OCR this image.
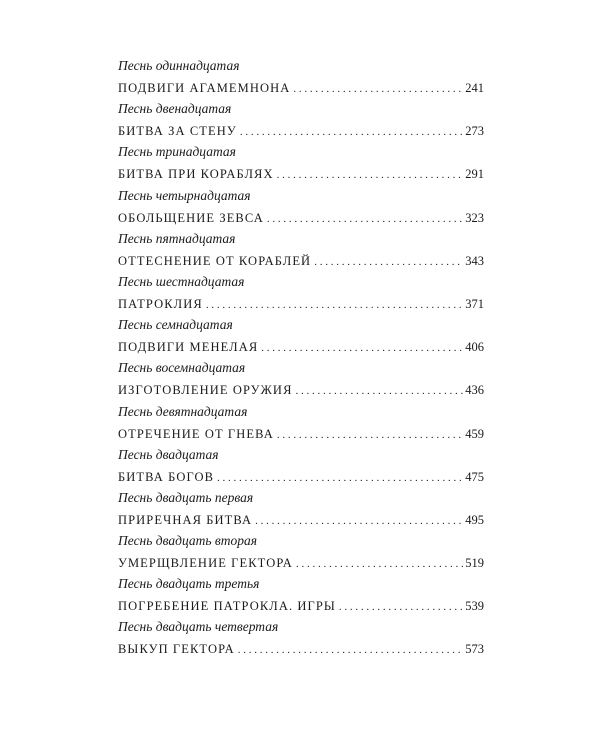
Песнь одиннадцатая
ПОДВИГИ АГАМЕМНОНА . . .	241
Песнь двенадцатая
БИТВА ЗА СТЕНУ . . .	273
Песнь тринадцатая
БИТВА ПРИ КОРАБЛЯХ . . .	291
Песнь четырнадцатая
ОБОЛЬЩЕНИЕ ЗЕВСА . . .	323
Песнь пятнадцатая
ОТТЕСНЕНИЕ ОТ КОРАБЛЕЙ . . .	343
Песнь шестнадцатая
ПАТРОКЛИЯ . . .	371
Песнь семнадцатая
ПОДВИГИ МЕНЕЛАЯ . . .	406
Песнь восемнадцатая
ИЗГОТОВЛЕНИЕ ОРУЖИЯ . . .	436
Песнь девятнадцатая
ОТРЕЧЕНИЕ ОТ ГНЕВА . . .	459
Песнь двадцатая
БИТВА БОГОВ . . .	475
Песнь двадцать первая
ПРИРЕЧНАЯ БИТВА . . .	495
Песнь двадцать вторая
УМЕРЩВЛЕНИЕ ГЕКТОРА . . .	519
Песнь двадцать третья
ПОГРЕБЕНИЕ ПАТРОКЛА. ИГРЫ . . .	539
Песнь двадцать четвертая
ВЫКУП ГЕКТОРА . . .	573
